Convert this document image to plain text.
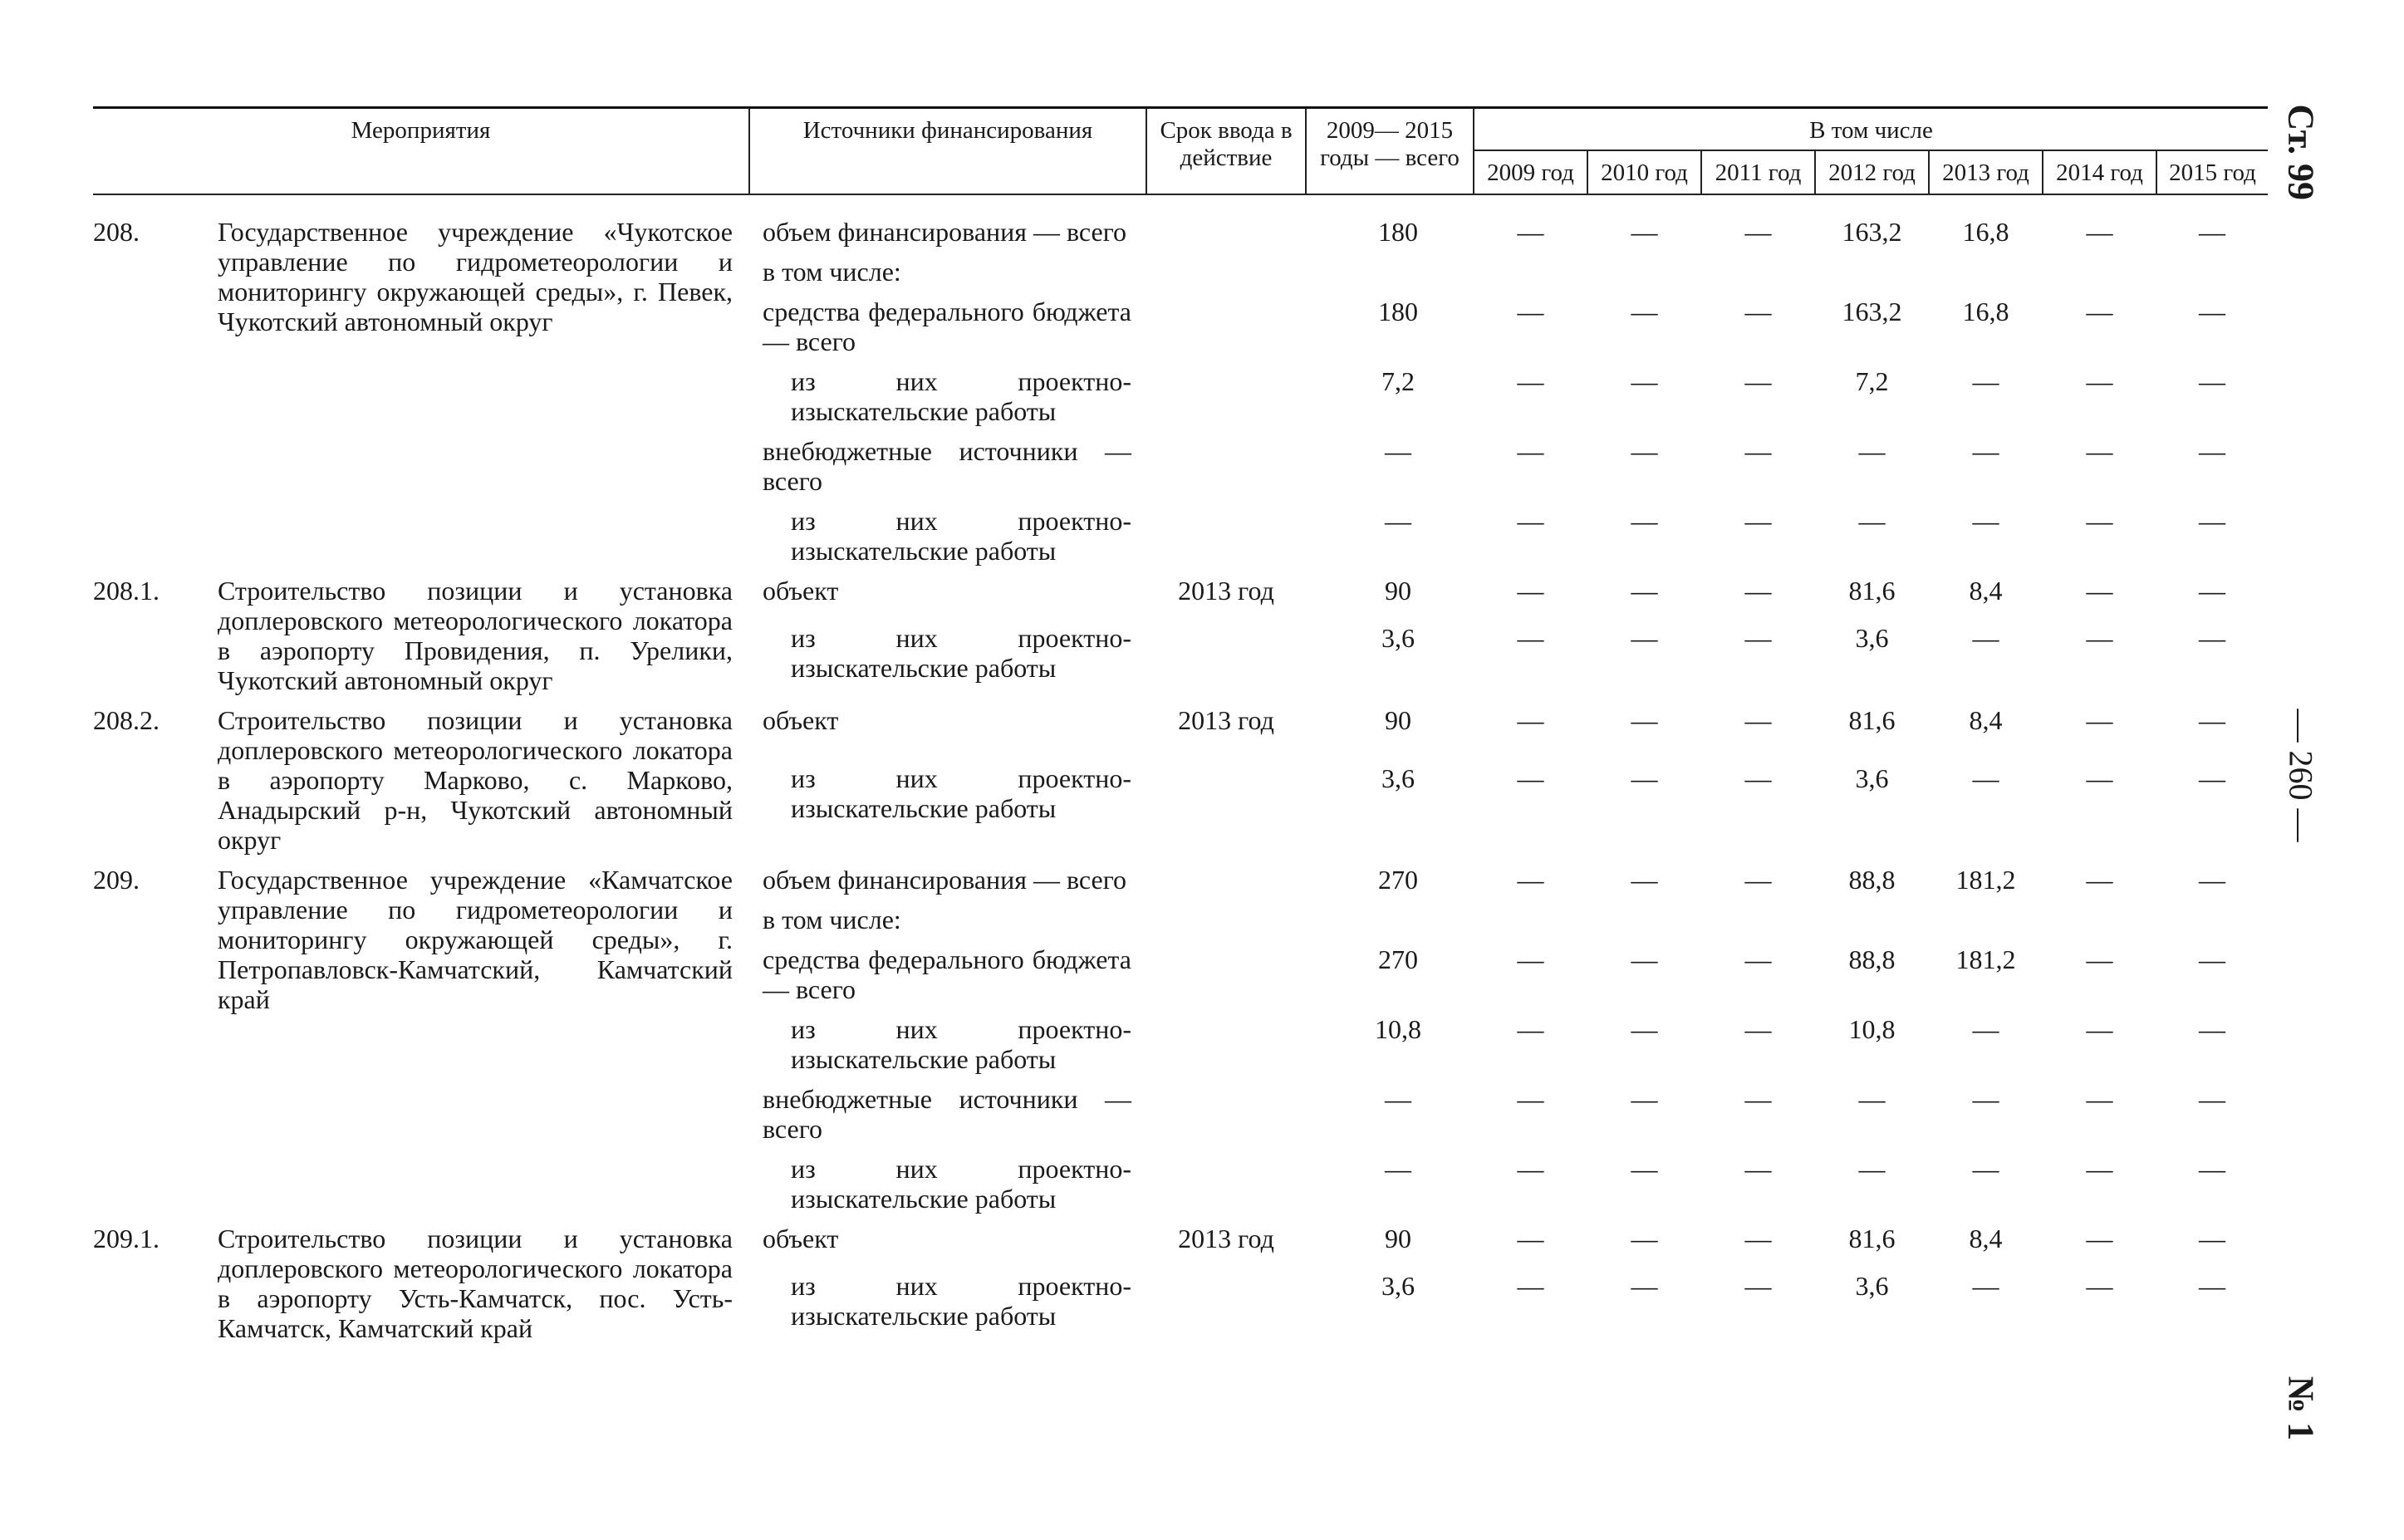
Ст. 99
— 260 —
№ 1
Мероприятия		Источники финансирования	Срок ввода в действие	2009— 2015 годы — всего	В том числе						
					2009 год	2010 год	2011 год	2012 год	2013 год	2014 год	2015 год
208.	Государственное учреждение «Чукотское управление по гидрометеорологии и мониторингу окружающей среды», г. Певек, Чукотский автономный округ	объем финансирования — всего		180	—	—	—	163,2	16,8	—	—
		в том числе:									
		средства федерального бюджета — всего		180	—	—	—	163,2	16,8	—	—
		из них проектно-изыскательские работы		7,2	—	—	—	7,2	—	—	—
		внебюджетные источники — всего		—	—	—	—	—	—	—	—
		из них проектно-изыскательские работы		—	—	—	—	—	—	—	—
208.1.	Строительство позиции и установка доплеровского метеорологического локатора в аэропорту Провидения, п. Урелики, Чукотский автономный округ	объект	2013 год	90	—	—	—	81,6	8,4	—	—
		из них проектно-изыскательские работы		3,6	—	—	—	3,6	—	—	—
208.2.	Строительство позиции и установка доплеровского метеорологического локатора в аэропорту Марково, с. Марково, Анадырский р-н, Чукотский автономный округ	объект	2013 год	90	—	—	—	81,6	8,4	—	—
		из них проектно-изыскательские работы		3,6	—	—	—	3,6	—	—	—
209.	Государственное учреждение «Камчатское управление по гидрометеорологии и мониторингу окружающей среды», г. Петропавловск-Камчатский, Камчатский край	объем финансирования — всего		270	—	—	—	88,8	181,2	—	—
		в том числе:									
		средства федерального бюджета — всего		270	—	—	—	88,8	181,2	—	—
		из них проектно-изыскательские работы		10,8	—	—	—	10,8	—	—	—
		внебюджетные источники — всего		—	—	—	—	—	—	—	—
		из них проектно-изыскательские работы		—	—	—	—	—	—	—	—
209.1.	Строительство позиции и установка доплеровского метеорологического локатора в аэропорту Усть-Камчатск, пос. Усть-Камчатск, Камчатский край	объект	2013 год	90	—	—	—	81,6	8,4	—	—
		из них проектно-изыскательские работы		3,6	—	—	—	3,6	—	—	—
